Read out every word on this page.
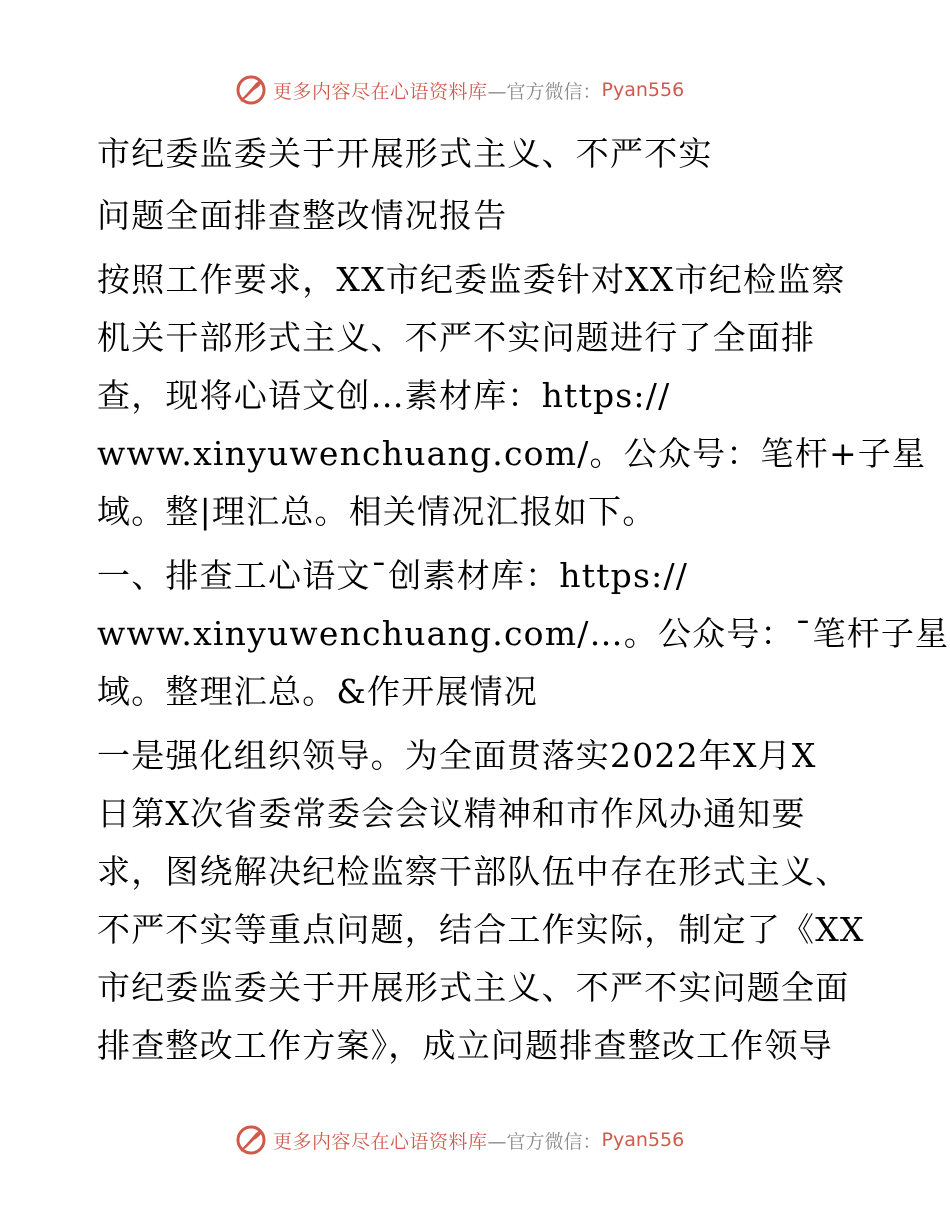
更多内容尽在心语资料库 —官方微信： Pyan556
市纪委监委关于开展形式主义、不严不实
问题全面排查整改情况报告
按照工作要求，XX市纪委监委针对XX市纪检监察
机关干部形式主义、不严不实问题进行了全面排
查，现将心语文创…素材库：https://
www.xinyuwenchuang.com/。公众号：笔杆+子星
域。整|理汇总。相关情况汇报如下。
一、排查工心语文¯创素材库：https://
www.xinyuwenchuang.com/…。公众号：¯笔杆子星
域。整理汇总。&作开展情况
一是强化组织领导。为全面贯落实2022年X月X
日第X次省委常委会会议精神和市作风办通知要
求，图绕解决纪检监察干部队伍中存在形式主义、
不严不实等重点问题，结合工作实际，制定了《XX
市纪委监委关于开展形式主义、不严不实问题全面
排查整改工作方案》，成立问题排查整改工作领导
更多内容尽在心语资料库 —官方微信： Pyan556
